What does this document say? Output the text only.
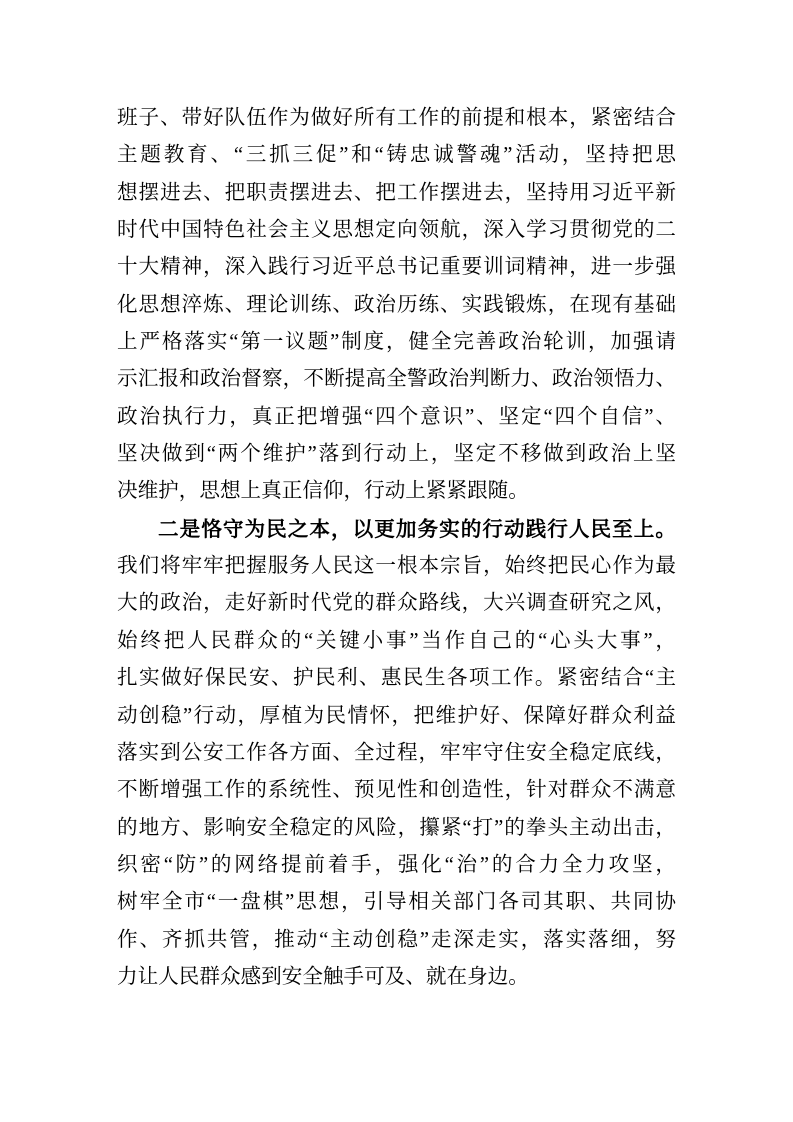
班子、带好队伍作为做好所有工作的前提和根本，紧密结合
主题教育、“三抓三促”和“铸忠诚警魂”活动，坚持把思
想摆进去、把职责摆进去、把工作摆进去，坚持用习近平新
时代中国特色社会主义思想定向领航，深入学习贯彻党的二
十大精神，深入践行习近平总书记重要训词精神，进一步强
化思想淬炼、理论训练、政治历练、实践锻炼，在现有基础
上严格落实“第一议题”制度，健全完善政治轮训，加强请
示汇报和政治督察，不断提高全警政治判断力、政治领悟力、
政治执行力，真正把增强“四个意识”、坚定“四个自信”、
坚决做到“两个维护”落到行动上，坚定不移做到政治上坚
决维护，思想上真正信仰，行动上紧紧跟随。
二是恪守为民之本，以更加务实的行动践行人民至上。
我们将牢牢把握服务人民这一根本宗旨，始终把民心作为最
大的政治，走好新时代党的群众路线，大兴调查研究之风，
始终把人民群众的“关键小事”当作自己的“心头大事”，
扎实做好保民安、护民利、惠民生各项工作。紧密结合“主
动创稳”行动，厚植为民情怀，把维护好、保障好群众利益
落实到公安工作各方面、全过程，牢牢守住安全稳定底线，
不断增强工作的系统性、预见性和创造性，针对群众不满意
的地方、影响安全稳定的风险，攥紧“打”的拳头主动出击，
织密“防”的网络提前着手，强化“治”的合力全力攻坚，
树牢全市“一盘棋”思想，引导相关部门各司其职、共同协
作、齐抓共管，推动“主动创稳”走深走实，落实落细，努
力让人民群众感到安全触手可及、就在身边。
